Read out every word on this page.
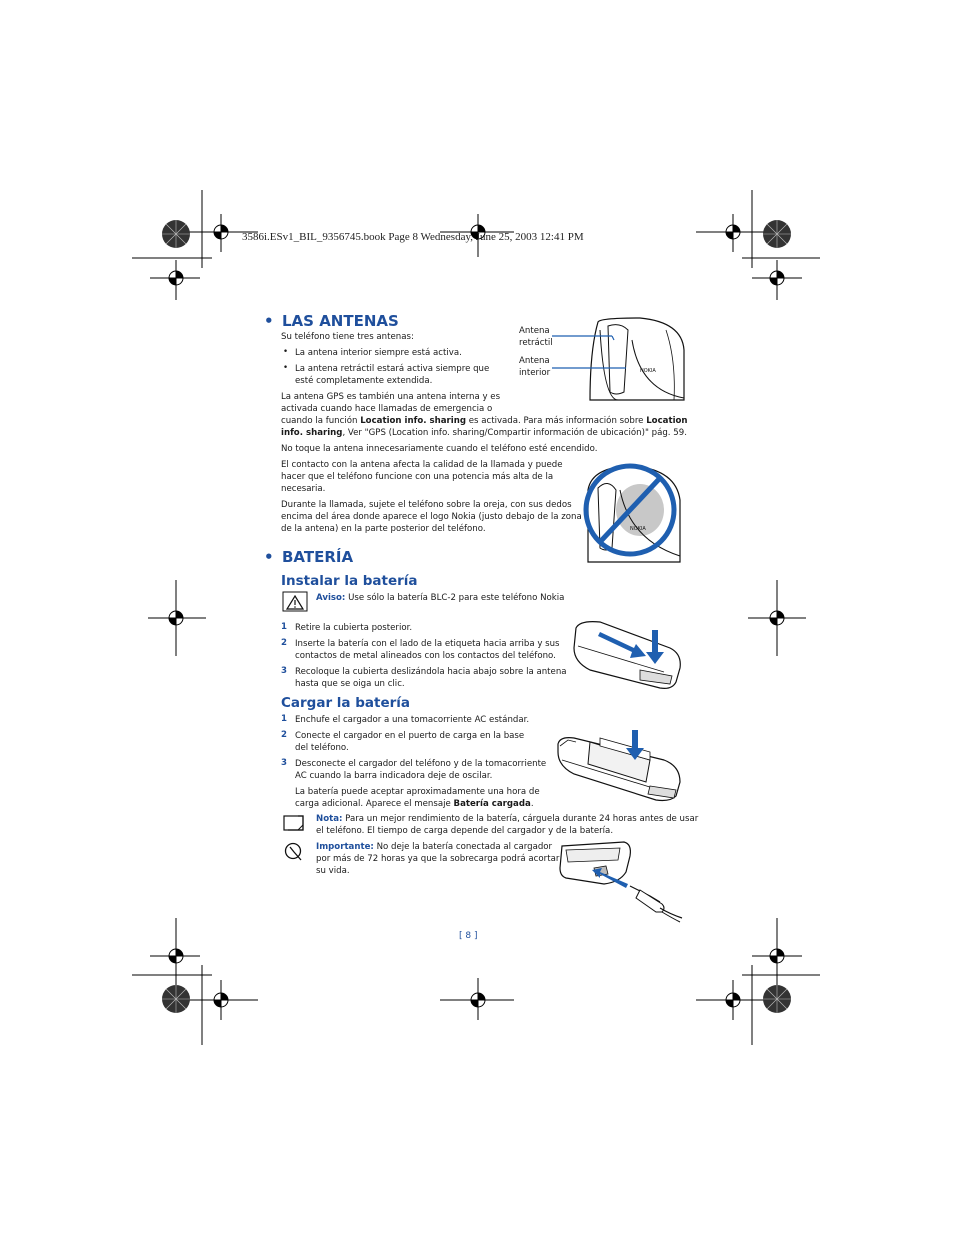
3586i.ESv1_BIL_9356745.book Page 8 Wednesday, June 25, 2003 12:41 PM
• LAS ANTENAS
Su teléfono tiene tres antenas:
• La antena interior siempre está activa.
• La antena retráctil estará activa siempre que
esté completamente extendida.
La antena GPS es también una antena interna y es
activada cuando hace llamadas de emergencia o
cuando la función Location info. sharing es activada. Para más información sobre Location
info. sharing, Ver "GPS (Location info. sharing/Compartir información de ubicación)" pág. 59.
No toque la antena innecesariamente cuando el teléfono esté encendido.
El contacto con la antena afecta la calidad de la llamada y puede
hacer que el teléfono funcione con una potencia más alta de la
necesaria.
Durante la llamada, sujete el teléfono sobre la oreja, con sus dedos
encima del área donde aparece el logo Nokia (justo debajo de la zona
de la antena) en la parte posterior del teléfono.
Antena
retráctil
Antena
interior	NOKIA
NOKIA
• BATERÍA
Instalar la batería
Aviso: Use sólo la batería BLC-2 para este teléfono Nokia
1 Retire la cubierta posterior.
2 Inserte la batería con el lado de la etiqueta hacia arriba y sus
contactos de metal alineados con los contactos del teléfono.
3 Recoloque la cubierta deslizándola hacia abajo sobre la antena
hasta que se oiga un clic.
Cargar la batería
1 Enchufe el cargador a una tomacorriente AC estándar.
2 Conecte el cargador en el puerto de carga en la base
del teléfono.
3 Desconecte el cargador del teléfono y de la tomacorriente
AC cuando la barra indicadora deje de oscilar.
La batería puede aceptar aproximadamente una hora de
carga adicional. Aparece el mensaje Batería cargada.
Nota: Para un mejor rendimiento de la batería, cárguela durante 24 horas antes de usar
el teléfono. El tiempo de carga depende del cargador y de la batería.
Importante: No deje la batería conectada al cargador
por más de 72 horas ya que la sobrecarga podrá acortar
su vida.
[ 8 ]
